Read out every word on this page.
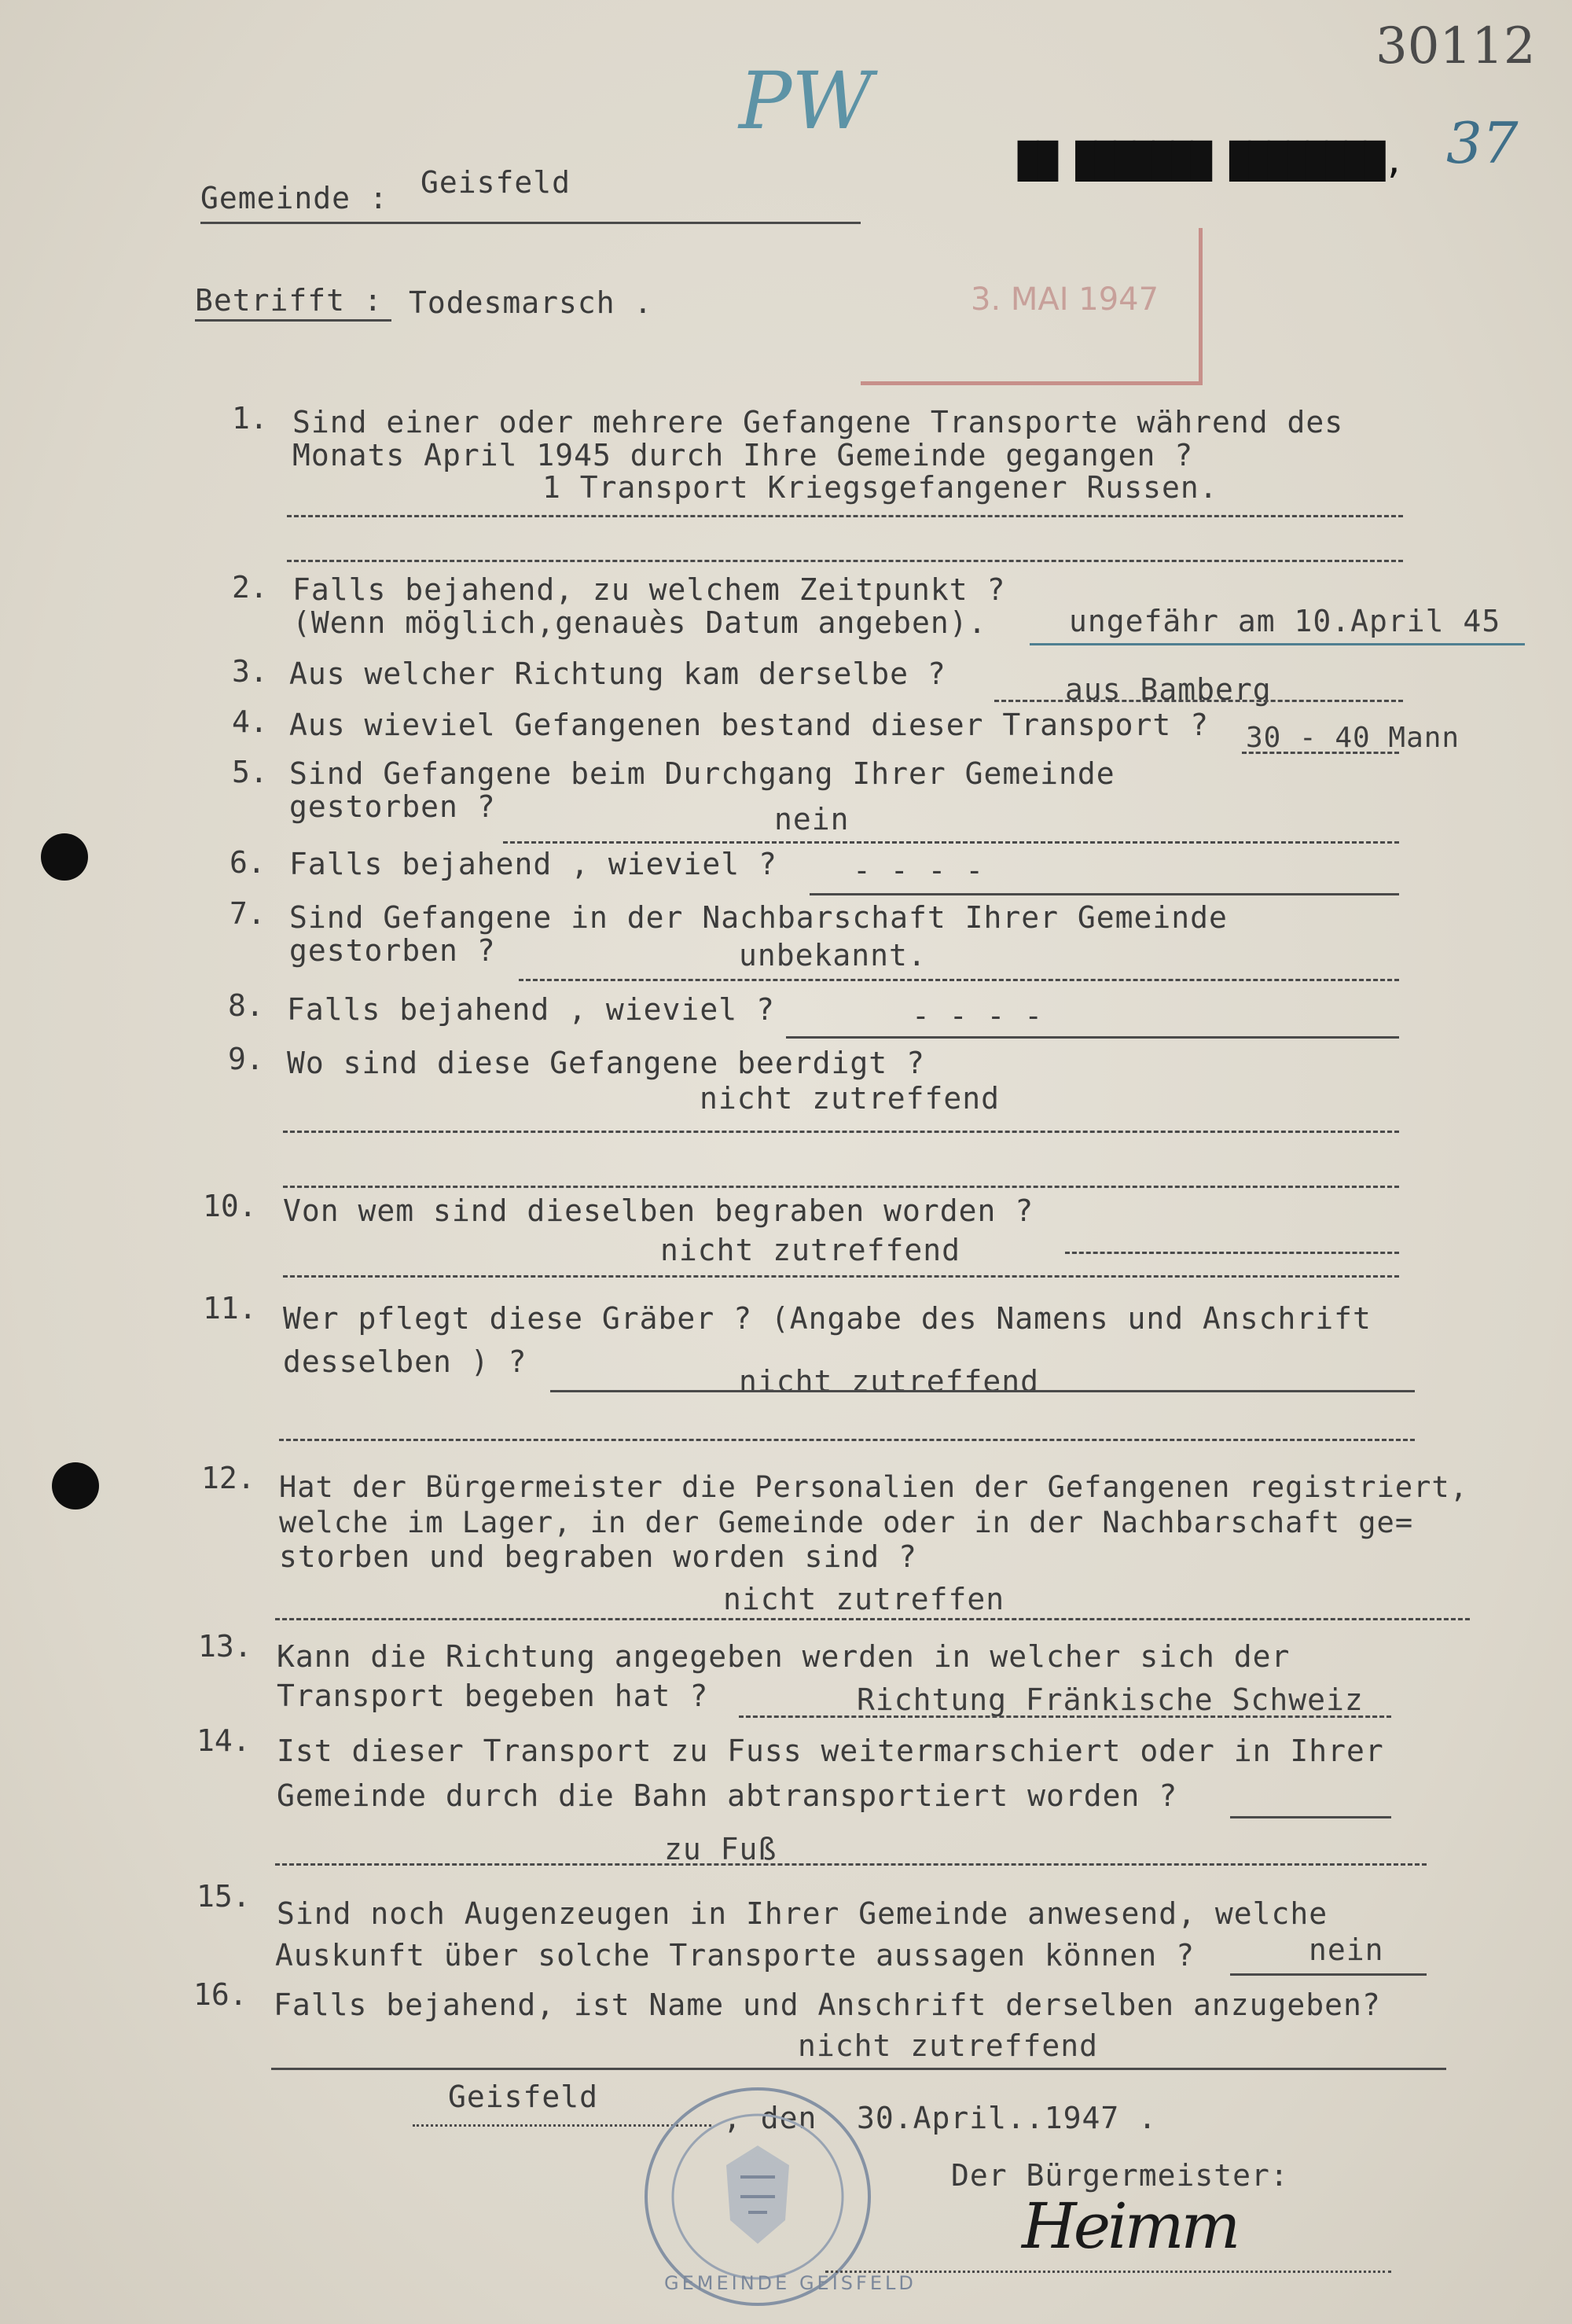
30112
37
PW
██ ███████ ████████,
3. MAI 1947
Gemeinde : Geisfeld
Betrifft : Todesmarsch .
1. Sind einer oder mehrere Gefangene Transporte während des
Monats April 1945 durch Ihre Gemeinde gegangen ?
1 Transport Kriegsgefangener Russen.
2. Falls bejahend, zu welchem Zeitpunkt ?
(Wenn möglich,genauès Datum angeben).	ungefähr am 10.April 45
3. Aus welcher Richtung kam derselbe ?	aus Bamberg
4. Aus wieviel Gefangenen bestand dieser Transport ? 30 - 40 Mann
5. Sind Gefangene beim Durchgang Ihrer Gemeinde
gestorben ?	nein
6. Falls bejahend , wieviel ?	- - - -
7. Sind Gefangene in der Nachbarschaft Ihrer Gemeinde
gestorben ?	unbekannt.
8. Falls bejahend , wieviel ?	- - - -
9. Wo sind diese Gefangene beerdigt ?
nicht zutreffend
10. Von wem sind dieselben begraben worden ?
nicht zutreffend
11. Wer pflegt diese Gräber ? (Angabe des Namens und Anschrift
desselben ) ?
nicht zutreffend
12. Hat der Bürgermeister die Personalien der Gefangenen registriert,
welche im Lager, in der Gemeinde oder in der Nachbarschaft ge=
storben und begraben worden sind ?
nicht zutreffen
13. Kann die Richtung angegeben werden in welcher sich der
Transport begeben hat ?	Richtung Fränkische Schweiz
14. Ist dieser Transport zu Fuss weitermarschiert oder in Ihrer
Gemeinde durch die Bahn abtransportiert worden ?
zu Fuß
15. Sind noch Augenzeugen in Ihrer Gemeinde anwesend, welche
Auskunft über solche Transporte aussagen können ?	nein
16. Falls bejahend, ist Name und Anschrift derselben anzugeben?
nicht zutreffend
Geisfeld
, den 30.April..1947 .
Der Bürgermeister:
GEMEINDE GEISFELD
Heimm
